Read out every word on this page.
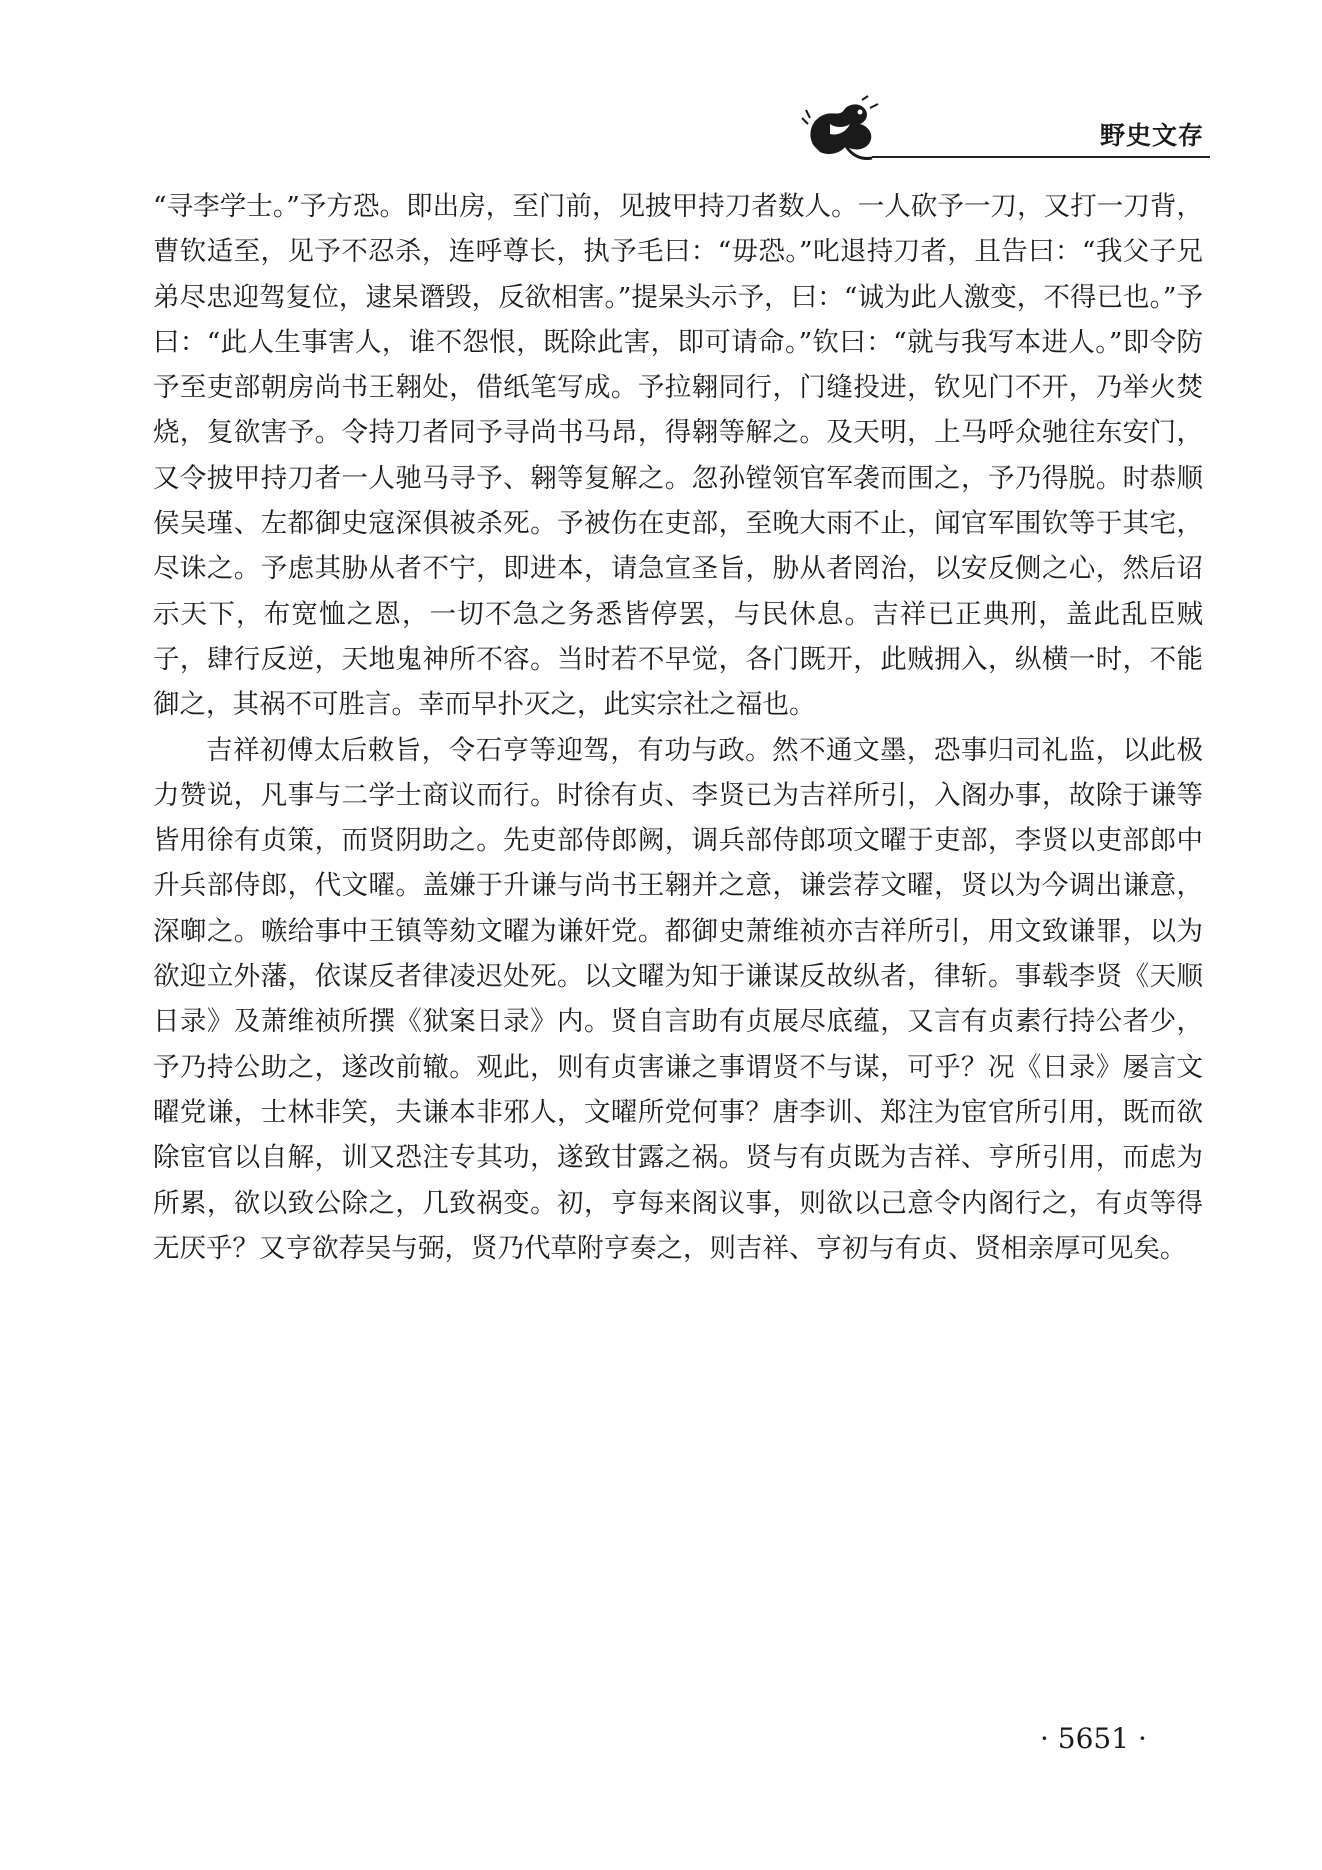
野史文存

“寻李学士。”予方恐。即出房，至门前，见披甲持刀者数人。一人砍予一刀，又打一刀背，曹钦适至，见予不忍杀，连呼尊长，执予毛曰：“毋恐。”叱退持刀者，且告曰：“我父子兄弟尽忠迎驾复位，逮杲谮毁，反欲相害。”提杲头示予，曰：“诚为此人激变，不得已也。”予曰：“此人生事害人，谁不怨恨，既除此害，即可请命。”钦曰：“就与我写本进人。”即令防予至吏部朝房尚书王翱处，借纸笔写成。予拉翱同行，门缝投进，钦见门不开，乃举火焚烧，复欲害予。令持刀者同予寻尚书马昂，得翱等解之。及天明，上马呼众驰往东安门，又令披甲持刀者一人驰马寻予、翱等复解之。忽孙镗领官军袭而围之，予乃得脱。时恭顺侯吴瑾、左都御史寇深俱被杀死。予被伤在吏部，至晚大雨不止，闻官军围钦等于其宅，尽诛之。予虑其胁从者不宁，即进本，请急宣圣旨，胁从者罔治，以安反侧之心，然后诏示天下，布宽恤之恩，一切不急之务悉皆停罢，与民休息。吉祥已正典刑，盖此乱臣贼子，肆行反逆，天地鬼神所不容。当时若不早觉，各门既开，此贼拥入，纵横一时，不能御之，其祸不可胜言。幸而早扑灭之，此实宗社之福也。

吉祥初傅太后敕旨，令石亨等迎驾，有功与政。然不通文墨，恐事归司礼监，以此极力赞说，凡事与二学士商议而行。时徐有贞、李贤已为吉祥所引，入阁办事，故除于谦等皆用徐有贞策，而贤阴助之。先吏部侍郎阙，调兵部侍郎项文曜于吏部，李贤以吏部郎中升兵部侍郎，代文曜。盖嫌于升谦与尚书王翱并之意，谦尝荐文曜，贤以为今调出谦意，深啣之。嗾给事中王镇等劾文曜为谦奸党。都御史萧维祯亦吉祥所引，用文致谦罪，以为欲迎立外藩，依谋反者律凌迟处死。以文曜为知于谦谋反故纵者，律斩。事载李贤《天顺日录》及萧维祯所撰《狱案日录》内。贤自言助有贞展尽底蕴，又言有贞素行持公者少，予乃持公助之，遂改前辙。观此，则有贞害谦之事谓贤不与谋，可乎？况《日录》屡言文曜党谦，士林非笑，夫谦本非邪人，文曜所党何事？唐李训、郑注为宦官所引用，既而欲除宦官以自解，训又恐注专其功，遂致甘露之祸。贤与有贞既为吉祥、亨所引用，而虑为所累，欲以致公除之，几致祸变。初，亨每来阁议事，则欲以己意令内阁行之，有贞等得无厌乎？又亨欲荐吴与弼，贤乃代草附亨奏之，则吉祥、亨初与有贞、贤相亲厚可见矣。

· 5651 ·
